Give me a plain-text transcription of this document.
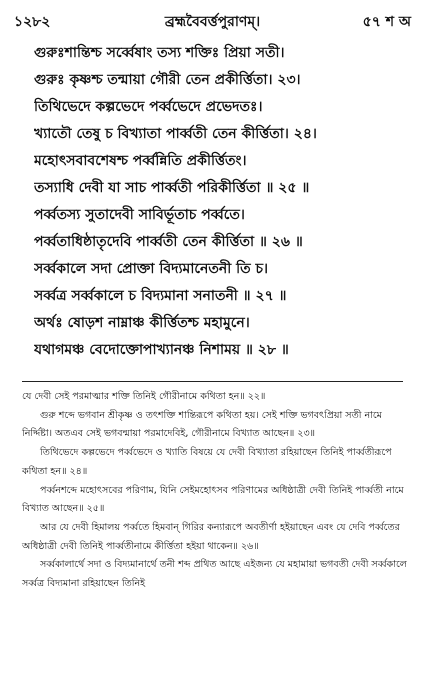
১২৮২	ব্রহ্মবৈবর্ত্তপুরাণম্।	৫৭ শ অ
গুরুঃশান্তিশ্চ সর্ব্বেষাং তস্য শক্তিঃ প্রিয়া সতী।
গুরুঃ কৃষ্ণশ্চ তন্মায়া গৌরী তেন প্রকীর্ত্তিতা। ২৩।
তিথিভেদে কল্পভেদে পর্ব্বভেদে প্রভেদতঃ।
খ্যাতৌ তেষু চ বিখ্যাতা পার্ব্বতী তেন কীর্ত্তিতা। ২৪।
মহোৎসবাবশেষশ্চ পর্ব্বন্নিতি প্রকীর্ত্তিতং।
তস্যাধি দেবী যা সাচ পার্ব্বতী পরিকীর্ত্তিতা ॥ ২৫ ॥
পর্ব্বতস্য সুতাদেবী সাবির্ভূতাচ পর্ব্বতে।
পর্ব্বতাধিষ্ঠাতৃদেবি পার্ব্বতী তেন কীর্ত্তিতা ॥ ২৬ ॥
সর্ব্বকালে সদা প্রোক্তা বিদ্যমানেতনী তি চ।
সর্ব্বত্র সর্ব্বকালে চ বিদ্যমানা সনাতনী ॥ ২৭ ॥
অর্থঃ ষোড়শ নাম্নাঞ্চ কীর্ত্তিতশ্চ মহামুনে।
যথাগমঞ্চ বেদোক্তোপাখ্যানঞ্চ নিশাময় ॥ ২৮ ॥

যে দেবী সেই পরমাত্মার শক্তি তিনিই গৌরীনামে কথিতা হন॥ ২২॥

গুরু শব্দে ভগবান শ্রীকৃষ্ণ ও তৎশক্তি শান্তিরূপে কথিতা হয়। সেই শক্তি ভগবৎপ্রিয়া সতী নামে নির্দ্দিষ্টা। অতএব সেই ভগবন্মায়া পরমাদেবিই, গৌরীনামে বিখ্যাত আছেন॥ ২৩॥

তিথিভেদে কল্পভেদে পর্ব্বভেদে ও খ্যাতি বিষয়ে যে দেবী বিখ্যাতা রহিয়াছেন তিনিই পার্ব্বতীরূপে কথিতা হন॥ ২৪॥

পর্ব্বনশব্দে মহোৎসবের পরিণাম, যিনি সেইমহোৎসব পরিণামের অধিষ্ঠাত্রী দেবী তিনিই পার্ব্বতী নামে বিখ্যাত আছেন॥ ২৫॥

আর যে দেবী হিমালয় পর্ব্বতে হিমবান্ গিরির কন্যারূপে অবতীর্ণা হইয়াছেন এবং যে দেবি পর্ব্বতের অধিষ্ঠাত্রী দেবী তিনিই পার্ব্বতীনামে কীর্ত্তিতা হইয়া থাকেন॥ ২৬॥

সর্ব্বকালার্থে সদা ও বিদ্যমানার্থে তনী শব্দ প্রথিত আছে এইজন্য যে মহামায়া ভগবতী দেবী সর্ব্বকালে সর্ব্বত্র বিদ্যমানা রহিয়াছেন তিনিই
